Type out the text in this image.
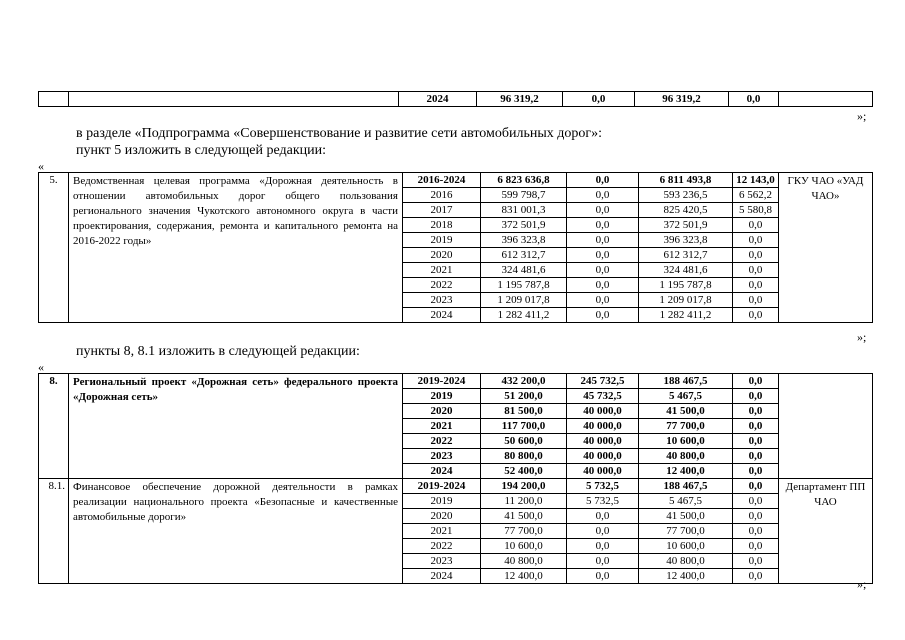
		2024	96 319,2	0,0	96 319,2	0,0	
»;
в разделе «Подпрограмма «Совершенствование и развитие сети автомобильных дорог»:
пункт 5 изложить в следующей редакции:
«
5.	Ведомственная целевая программа «Дорожная деятельность в отношении автомобильных дорог общего пользования регионального значения Чукотского автономного округа в части проектирования, содержания, ремонта и капитального ремонта на 2016-2022 годы»	2016-2024	6 823 636,8	0,0	6 811 493,8	12 143,0	ГКУ ЧАО «УАД ЧАО»
		2016	599 798,7	0,0	593 236,5	6 562,2	
		2017	831 001,3	0,0	825 420,5	5 580,8	
		2018	372 501,9	0,0	372 501,9	0,0	
		2019	396 323,8	0,0	396 323,8	0,0	
		2020	612 312,7	0,0	612 312,7	0,0	
		2021	324 481,6	0,0	324 481,6	0,0	
		2022	1 195 787,8	0,0	1 195 787,8	0,0	
		2023	1 209 017,8	0,0	1 209 017,8	0,0	
		2024	1 282 411,2	0,0	1 282 411,2	0,0	
»;
пункты 8, 8.1 изложить в следующей редакции:
«
8.	Региональный проект «Дорожная сеть» федерального проекта «Дорожная сеть»	2019-2024	432 200,0	245 732,5	188 467,5	0,0	
		2019	51 200,0	45 732,5	5 467,5	0,0	
		2020	81 500,0	40 000,0	41 500,0	0,0	
		2021	117 700,0	40 000,0	77 700,0	0,0	
		2022	50 600,0	40 000,0	10 600,0	0,0	
		2023	80 800,0	40 000,0	40 800,0	0,0	
		2024	52 400,0	40 000,0	12 400,0	0,0	
8.1.	Финансовое обеспечение дорожной деятельности в рамках реализации национального проекта «Безопасные и качественные автомобильные дороги»	2019-2024	194 200,0	5 732,5	188 467,5	0,0	Департамент ПП ЧАО
		2019	11 200,0	5 732,5	5 467,5	0,0	
		2020	41 500,0	0,0	41 500,0	0,0	
		2021	77 700,0	0,0	77 700,0	0,0	
		2022	10 600,0	0,0	10 600,0	0,0	
		2023	40 800,0	0,0	40 800,0	0,0	
		2024	12 400,0	0,0	12 400,0	0,0	
»;
